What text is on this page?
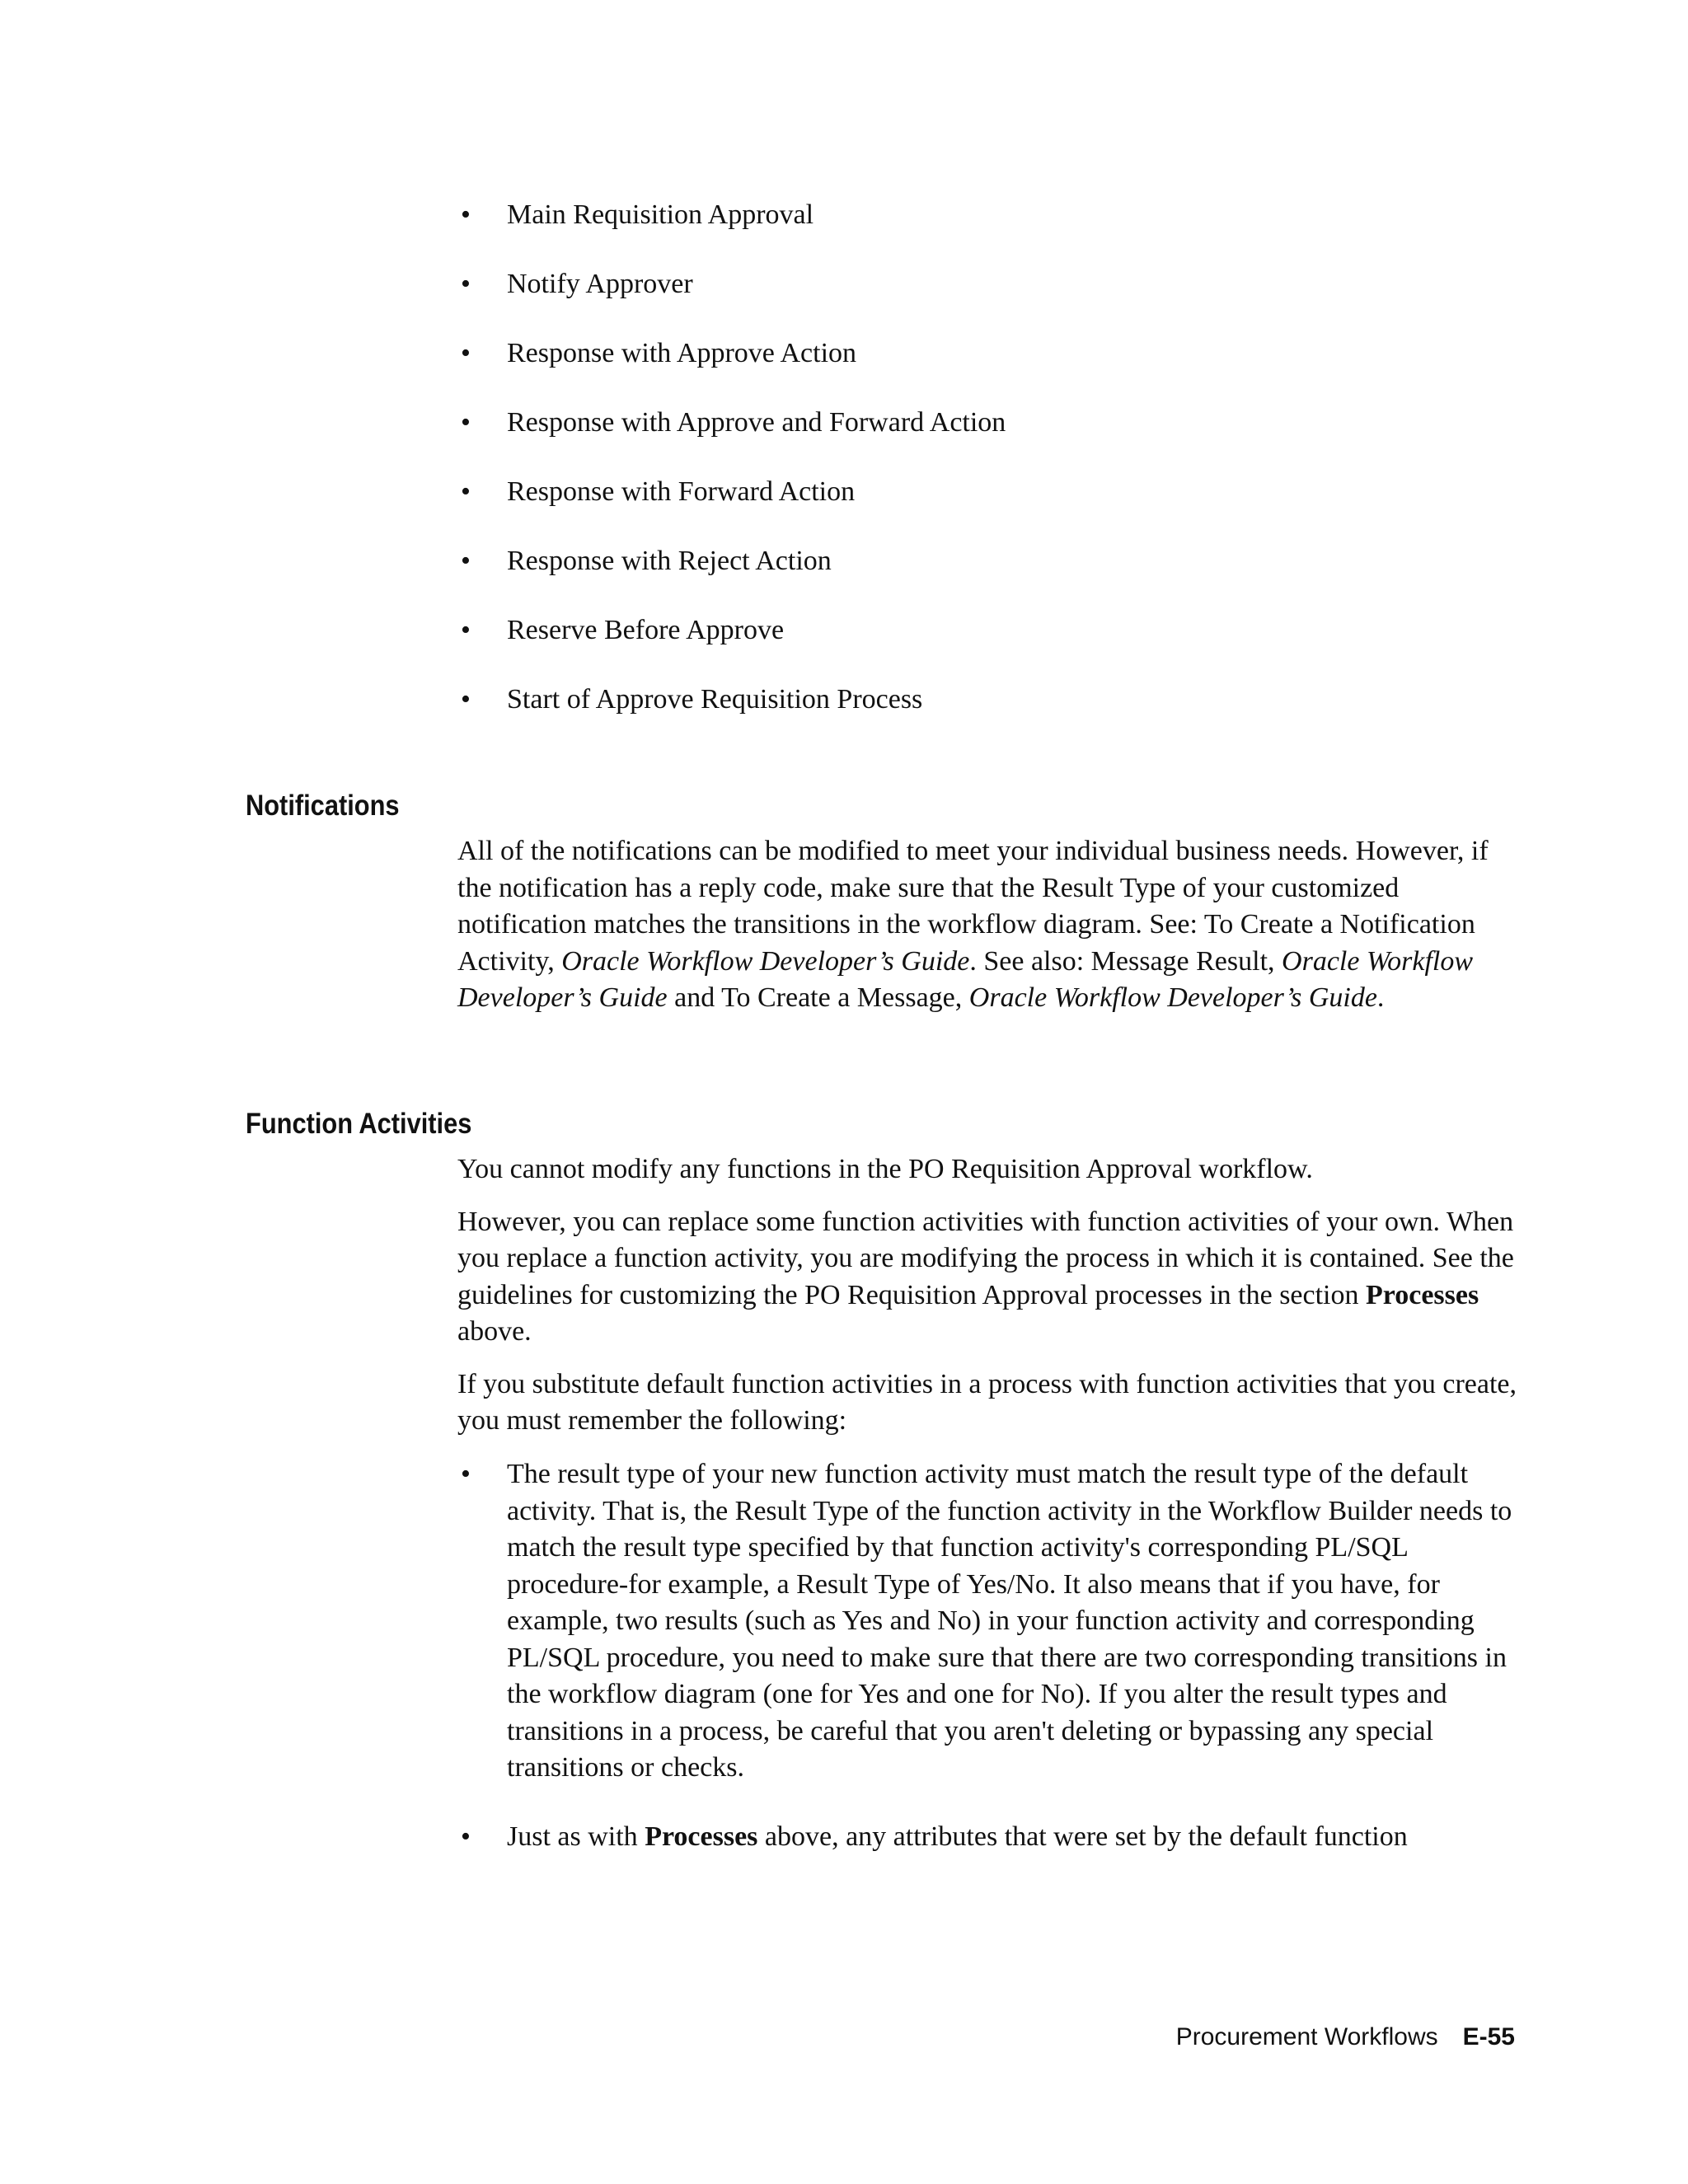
•	Main Requisition Approval
•	Notify Approver
•	Response with Approve Action
•	Response with Approve and Forward Action
•	Response with Forward Action
•	Response with Reject Action
•	Reserve Before Approve
•	Start of Approve Requisition Process
Notifications

All of the notifications can be modified to meet your individual business needs. However, if the notification has a reply code, make sure that the Result Type of your customized notification matches the transitions in the workflow diagram. See: To Create a Notification Activity, Oracle Workflow Developer’s Guide. See also: Message Result, Oracle Workflow Developer’s Guide and To Create a Message, Oracle Workflow Developer’s Guide.

Function Activities

You cannot modify any functions in the PO Requisition Approval workflow.

However, you can replace some function activities with function activities of your own. When you replace a function activity, you are modifying the process in which it is contained. See the guidelines for customizing the PO Requisition Approval processes in the section Processes above.

If you substitute default function activities in a process with function activities that you create, you must remember the following:

•	The result type of your new function activity must match the result type of the default activity. That is, the Result Type of the function activity in the Workflow Builder needs to match the result type specified by that function activity's corresponding PL/SQL procedure-for example, a Result Type of Yes/No. It also means that if you have, for example, two results (such as Yes and No) in your function activity and corresponding PL/SQL procedure, you need to make sure that there are two corresponding transitions in the workflow diagram (one for Yes and one for No). If you alter the result types and transitions in a process, be careful that you aren't deleting or bypassing any special transitions or checks.
•	Just as with Processes above, any attributes that were set by the default function
Procurement Workflows E-55
